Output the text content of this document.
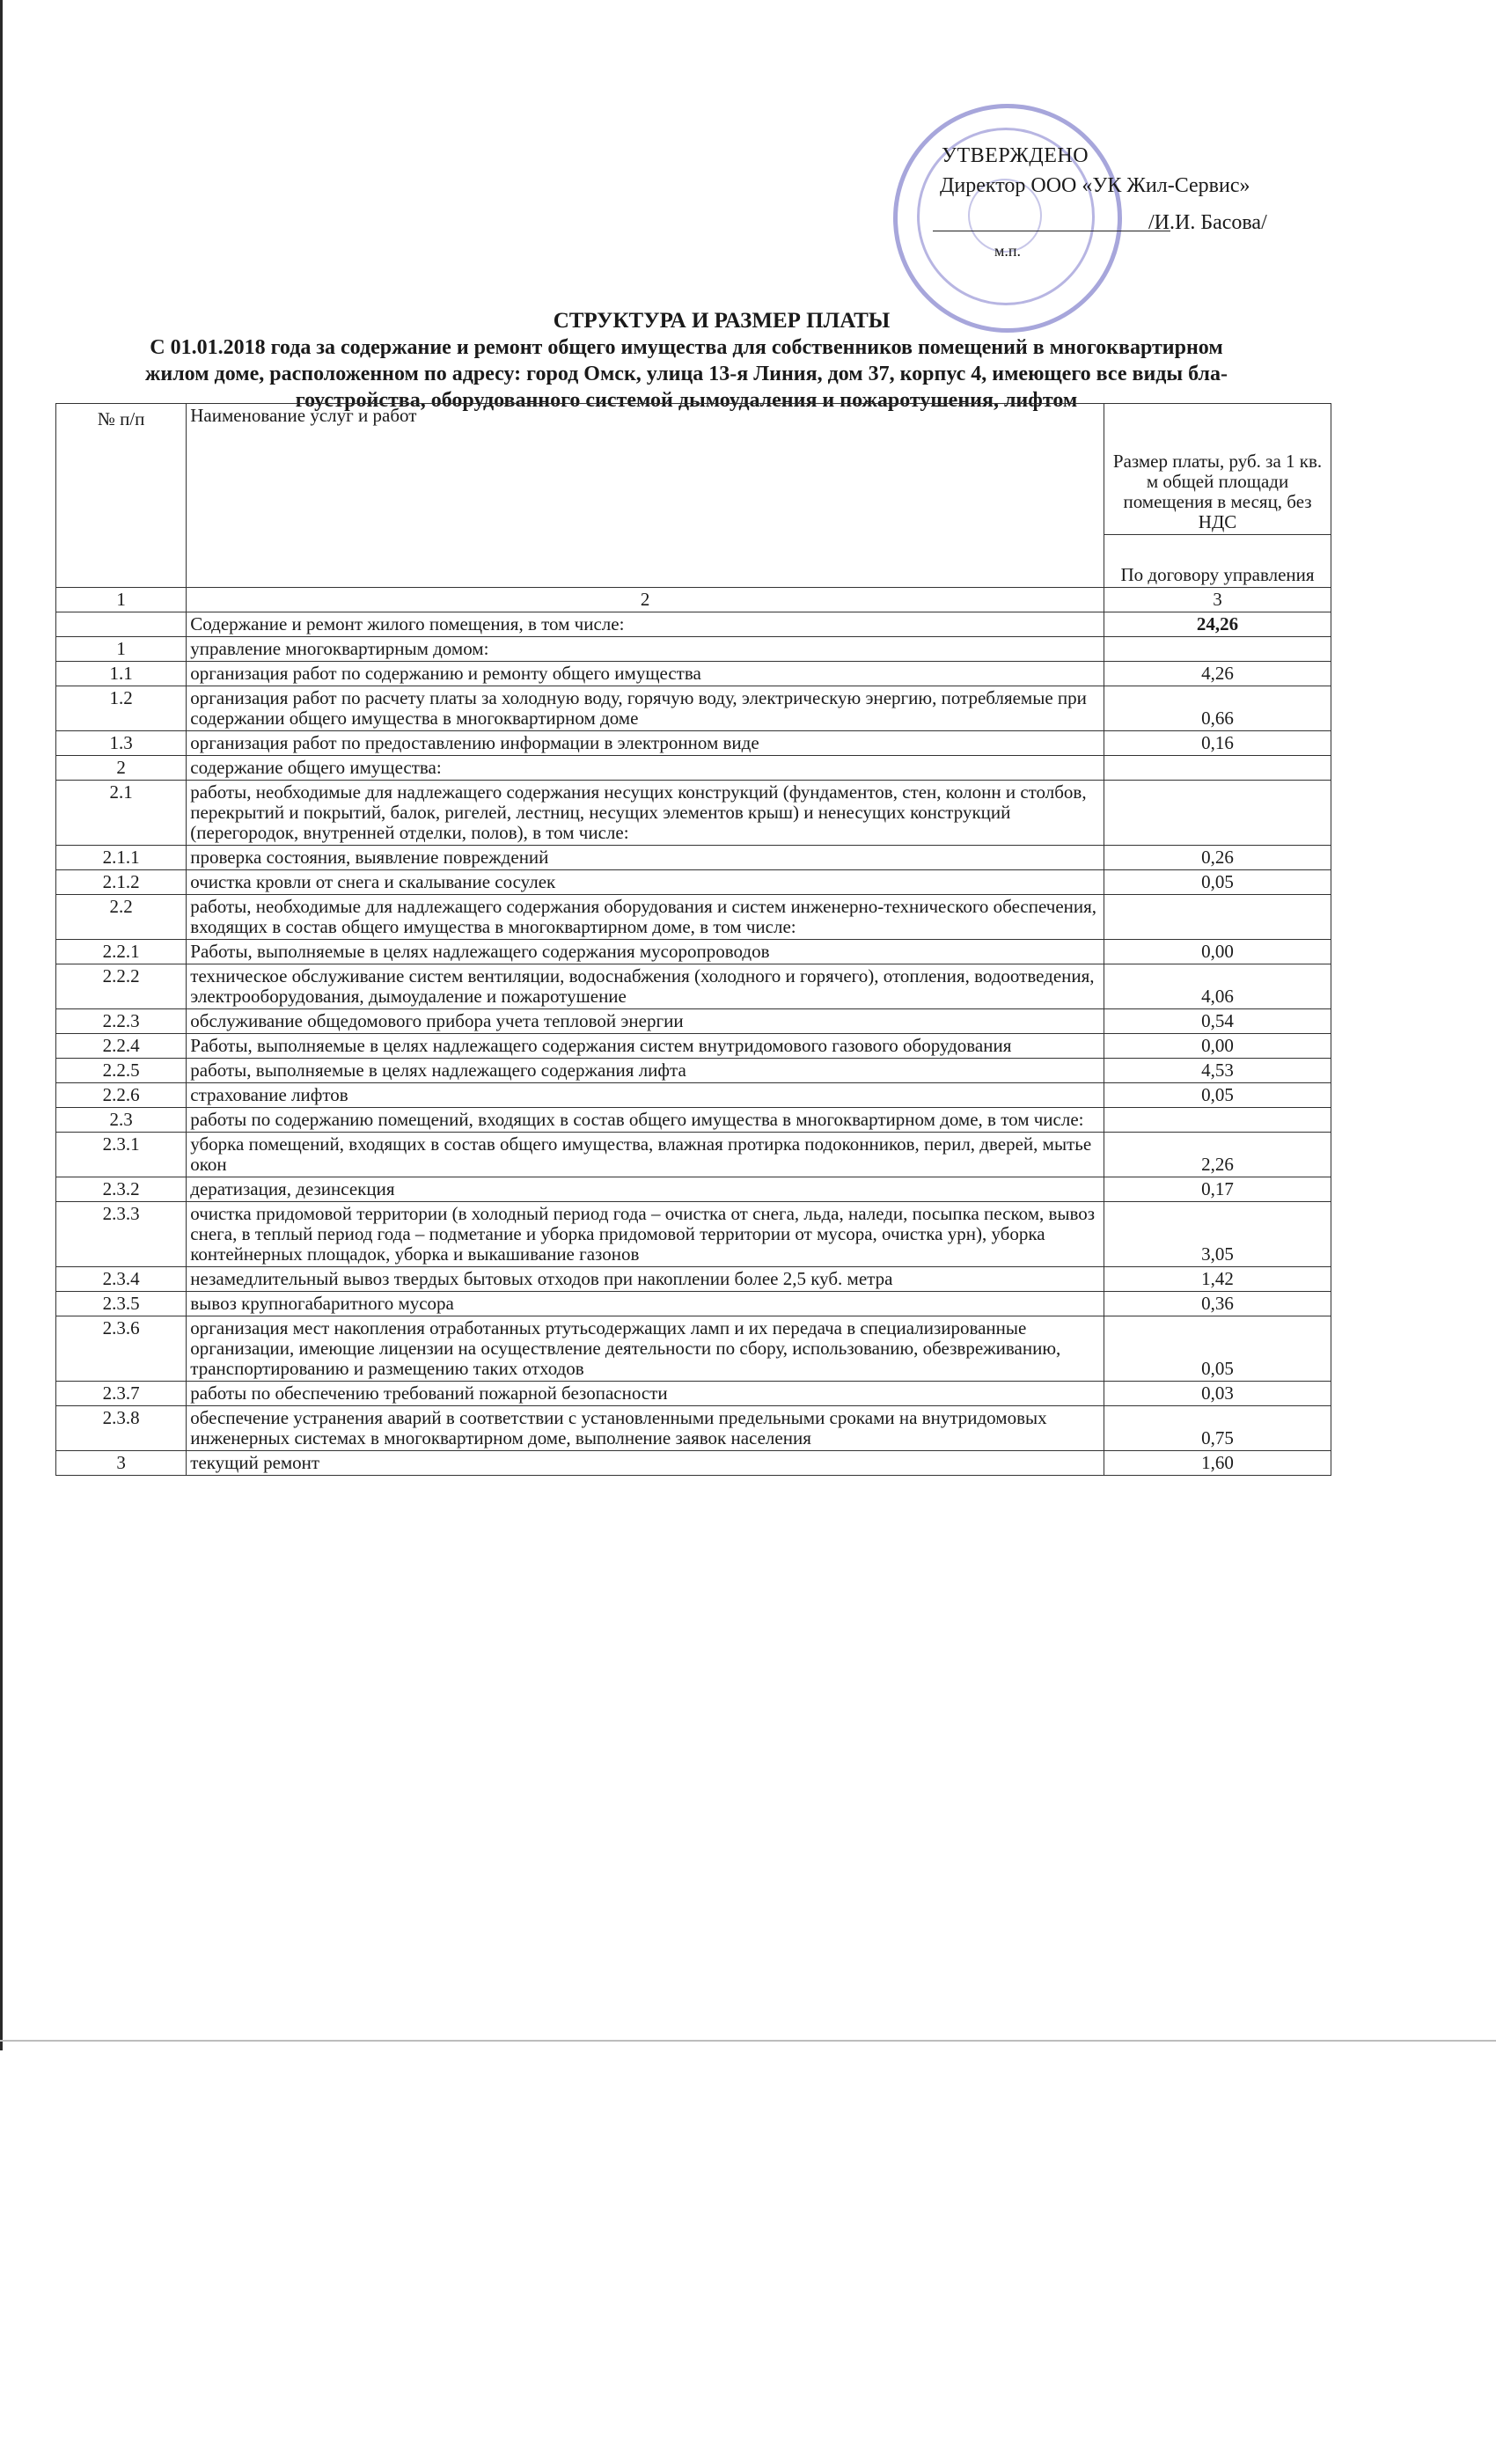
УТВЕРЖДЕНО
Директор ООО «УК Жил-Сервис»
/И.И. Басова/
м.п.
СТРУКТУРА И РАЗМЕР ПЛАТЫ
С 01.01.2018 года за содержание и ремонт общего имущества для собственников помещений в многоквартирном
жилом доме, расположенном по адресу: город Омск, улица 13-я Линия, дом 37, корпус 4, имеющего все виды бла-
гоустройства, оборудованного системой дымоудаления и пожаротушения, лифтом
№ п/п	Наименование услуг и работ	Размер платы, руб. за 1 кв. м общей площади помещения в месяц, без НДС
		По договору управления
1	2	3
	Содержание и ремонт жилого помещения, в том числе:	24,26
1	управление многоквартирным домом:	
1.1	организация работ по содержанию и ремонту общего имущества	4,26
1.2	организация работ по расчету платы за холодную воду, горячую воду, электрическую энергию, потребляемые при содержании общего имущества в многоквартирном доме	0,66
1.3	организация работ по предоставлению информации в электронном виде	0,16
2	содержание общего имущества:	
2.1	работы, необходимые для надлежащего содержания несущих конструкций (фундаментов, стен, колонн и столбов, перекрытий и покрытий, балок, ригелей, лестниц, несущих элементов крыш) и ненесущих конструкций (перегородок, внутренней отделки, полов), в том числе:	
2.1.1	проверка состояния, выявление повреждений	0,26
2.1.2	очистка кровли от снега и скалывание сосулек	0,05
2.2	работы, необходимые для надлежащего содержания оборудования и систем инженерно-технического обеспечения, входящих в состав общего имущества в многоквартирном доме, в том числе:	
2.2.1	Работы, выполняемые в целях надлежащего содержания мусоропроводов	0,00
2.2.2	техническое обслуживание систем вентиляции, водоснабжения (холодного и горячего), отопления, водоотведения, электрооборудования, дымоудаление и пожаротушение	4,06
2.2.3	обслуживание общедомового прибора учета тепловой энергии	0,54
2.2.4	Работы, выполняемые в целях надлежащего содержания систем внутридомового газового оборудования	0,00
2.2.5	работы, выполняемые в целях надлежащего содержания лифта	4,53
2.2.6	страхование лифтов	0,05
2.3	работы по содержанию помещений, входящих в состав общего имущества в многоквартирном доме, в том числе:	
2.3.1	уборка помещений, входящих в состав общего имущества, влажная протирка подоконников, перил, дверей, мытье окон	2,26
2.3.2	дератизация, дезинсекция	0,17
2.3.3	очистка придомовой территории (в холодный период года – очистка от снега, льда, наледи, посыпка песком, вывоз снега, в теплый период года – подметание и уборка придомовой территории от мусора, очистка урн), уборка контейнерных площадок, уборка и выкашивание газонов	3,05
2.3.4	незамедлительный вывоз твердых бытовых отходов при накоплении более 2,5 куб. метра	1,42
2.3.5	вывоз крупногабаритного мусора	0,36
2.3.6	организация мест накопления отработанных ртутьсодержащих ламп и их передача в специализированные организации, имеющие лицензии на осуществление деятельности по сбору, использованию, обезвреживанию, транспортированию и размещению таких отходов	0,05
2.3.7	работы по обеспечению требований пожарной безопасности	0,03
2.3.8	обеспечение устранения аварий в соответствии с установленными предельными сроками на внутридомовых инженерных системах в многоквартирном доме, выполнение заявок населения	0,75
3	текущий ремонт	1,60
